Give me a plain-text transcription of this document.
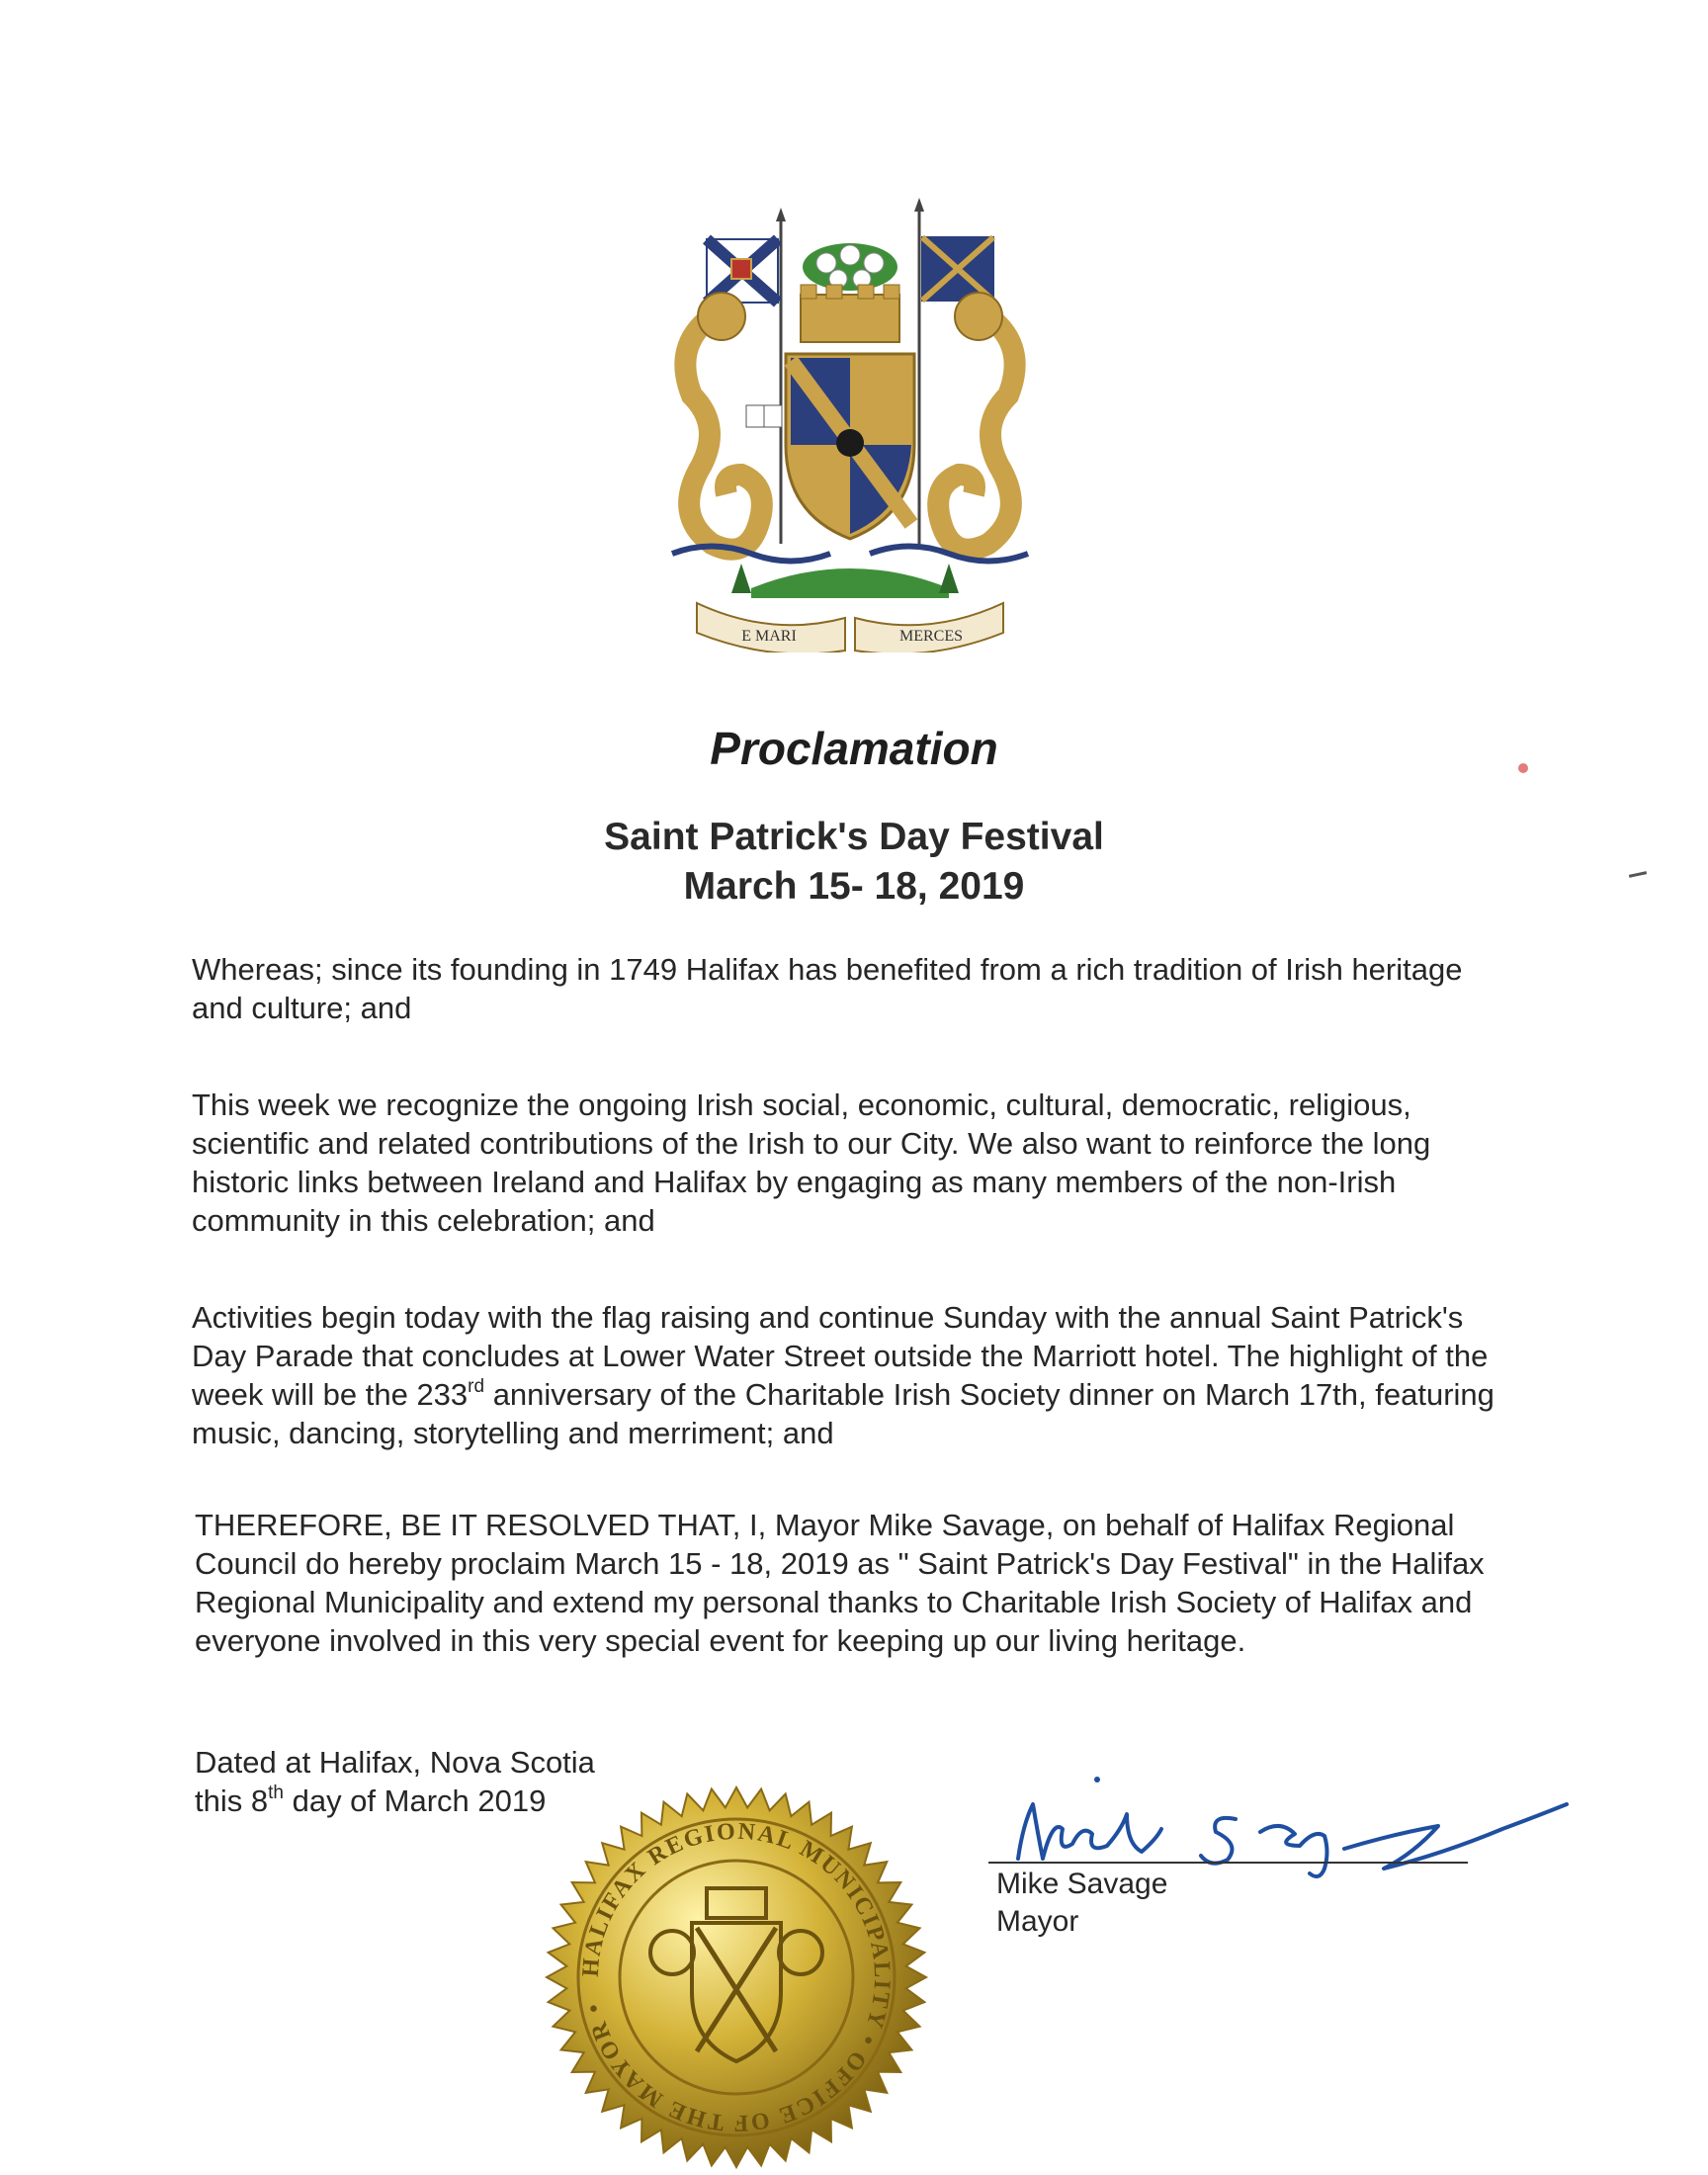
E MARI	MERCES
Proclamation
Saint Patrick's Day Festival
March 15- 18, 2019
Whereas; since its founding in 1749 Halifax has benefited from a rich tradition of Irish heritage and culture; and
This week we recognize the ongoing Irish social, economic, cultural, democratic, religious, scientific and related contributions of the Irish to our City. We also want to reinforce the long historic links between Ireland and Halifax by engaging as many members of the non-Irish community in this celebration; and
Activities begin today with the flag raising and continue Sunday with the annual Saint Patrick's Day Parade that concludes at Lower Water Street outside the Marriott hotel. The highlight of the week will be the 233rd anniversary of the Charitable Irish Society dinner on March 17th, featuring music, dancing, storytelling and merriment; and
THEREFORE, BE IT RESOLVED THAT, I, Mayor Mike Savage, on behalf of Halifax Regional Council do hereby proclaim March 15 - 18, 2019 as " Saint Patrick's Day Festival" in the Halifax Regional Municipality and extend my personal thanks to Charitable Irish Society of Halifax and everyone involved in this very special event for keeping up our living heritage.
Dated at Halifax, Nova Scotia
this 8th day of March 2019
HALIFAX REGIONAL MUNICIPALITY • OFFICE OF THE MAYOR •
Mike Savage
Mayor
